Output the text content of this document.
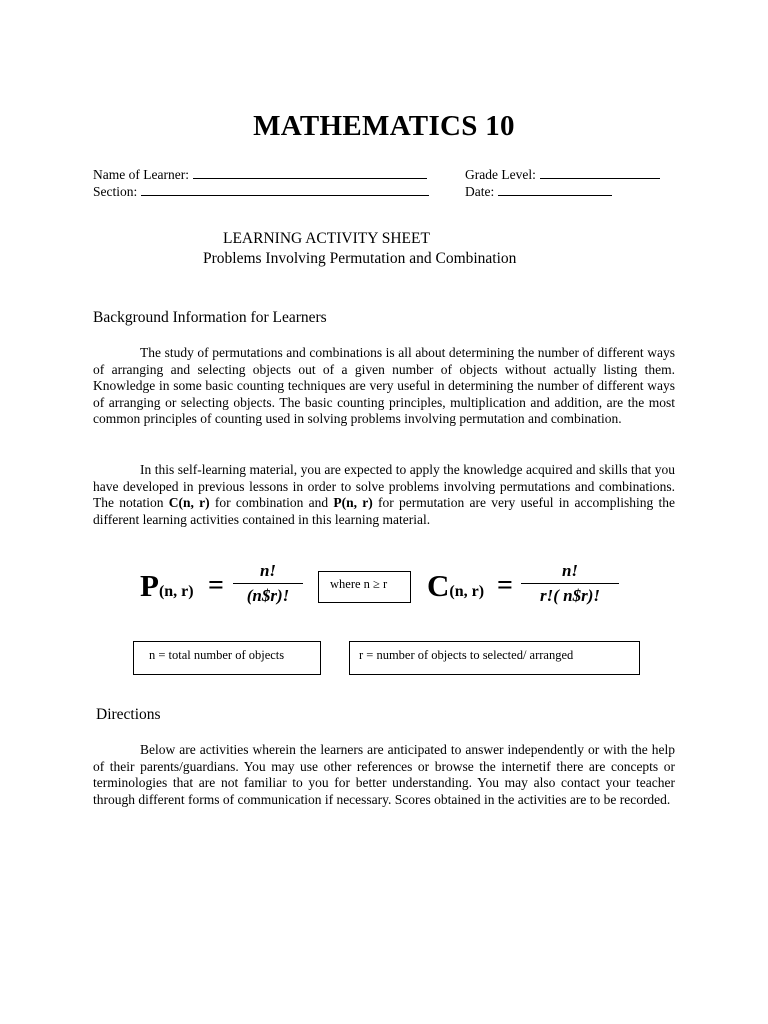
MATHEMATICS 10
Name of Learner:
Section:
Grade Level:
Date:
LEARNING ACTIVITY SHEET
Problems Involving Permutation and Combination
Background Information for Learners
The study of permutations and combinations is all about determining the number of different ways of arranging and selecting objects out of a given number of objects without actually listing them. Knowledge in some basic counting techniques are very useful in determining the number of different ways of arranging or selecting objects. The basic counting principles, multiplication and addition, are the most common principles of counting used in solving problems involving permutation and combination.
In this self-learning material, you are expected to apply the knowledge acquired and skills that you have developed in previous lessons in order to solve problems involving permutations and combinations. The notation C(n, r) for combination and P(n, r) for permutation are very useful in accomplishing the different learning activities contained in this learning material.
P(n, $r) = \frac{n!}{(n\$r)!}$	where n ≥ r	C(n, $r) = \frac{n!}{r!( n\$r)!}$
n = total number of objects	r = number of objects to selected/ arranged
Directions
Below are activities wherein the learners are anticipated to answer independently or with the help of their parents/guardians. You may use other references or browse the internetif there are concepts or terminologies that are not familiar to you for better understanding. You may also contact your teacher through different forms of communication if necessary. Scores obtained in the activities are to be recorded.
